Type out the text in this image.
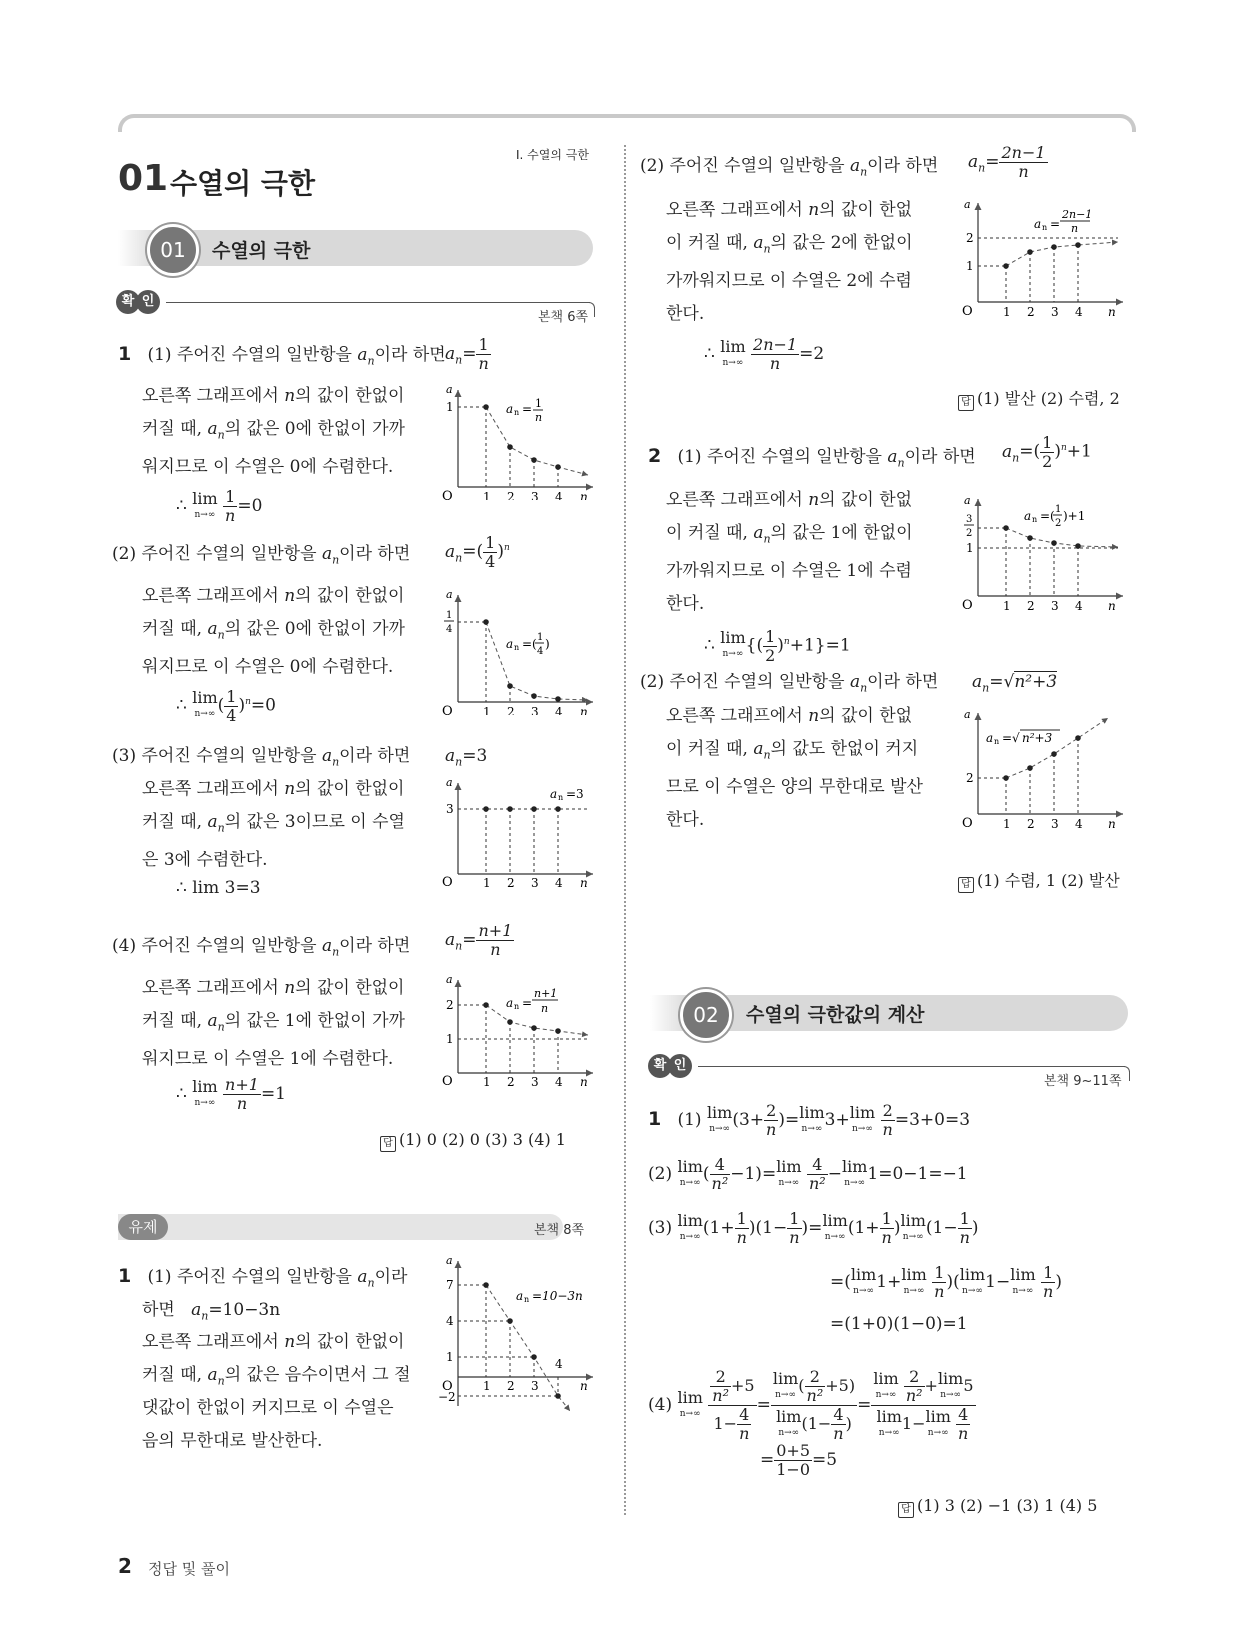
Ⅰ. 수열의 극한
01 수열의 극한
01	수열의 극한
확 인
본책 6쪽
1 (1) 주어진 수열의 일반항을 $a_n$이라 하면 $a_n= \frac{1}{n}$
오른쪽 그래프에서 n의 값이 한없이
커질 때, $a_n$의 값은 0에 한없이 가까
워지므로 이 수열은 0에 수렴한다.
∴ lim
n→∞
$\frac{1}{n} =0$
a
1
O	1 2 3 4 n
a n = 1
n
(2) 주어진 수열의 일반항을 $a_n$이라 하면 $a_n=( \frac{1}{4} )^n$
오른쪽 그래프에서 n의 값이 한없이
커질 때, $a_n$의 값은 0에 한없이 가까
워지므로 이 수열은 0에 수렴한다.
∴ lim
n→∞ ( $\frac{1}{4} )^n=0$
a
1
4
O	1 2 3 4 n
a n =( 1
4
)
(3) 주어진 수열의 일반항을 $a_n$이라 하면 $a_n=3$
오른쪽 그래프에서 n의 값이 한없이
커질 때, $a_n$의 값은 3이므로 이 수열
은 3에 수렴한다.
∴ lim 3=3
a
3
O	1 2 3 4 n
a n =3
(4) 주어진 수열의 일반항을 $a_n$이라 하면 $a_n= \frac{n+1}{n}$
오른쪽 그래프에서 n의 값이 한없이
커질 때, $a_n$의 값은 1에 한없이 가까
워지므로 이 수열은 1에 수렴한다.
∴ lim
n→∞
$\frac{n+1}{n} =1$
a
2
1
O	1 2 3 4 n
a n =
n+1
n
답 (1) 0 (2) 0 (3) 3 (4) 1
유제	본책 8쪽
1 (1) 주어진 수열의 일반항을 $a_n$이라
하면 $a_n=10-3n$
오른쪽 그래프에서 n의 값이 한없이
커질 때, $a_n$의 값은 음수이면서 그 절
댓값이 한없이 커지므로 이 수열은
음의 무한대로 발산한다.
a
7
4
1
−2
O	1 2 3
4
n
a n =10−3n
(2) 주어진 수열의 일반항을 $a_n$이라 하면 $a_n= \frac{2n-1}{n}$
오른쪽 그래프에서 n의 값이 한없
이 커질 때, $a_n$의 값은 2에 한없이
가까워지므로 이 수열은 2에 수렴
한다.
∴ lim
n→∞
$\frac{2n-1}{n} =2$
a
2
1
O	1 2 3 4 n
a n =
2n−1
n
답 (1) 발산 (2) 수렴, 2
2 (1) 주어진 수열의 일반항을 $a_n$이라 하면 $a_n=( \frac{1}{2} )^n+1$
오른쪽 그래프에서 n의 값이 한없
이 커질 때, $a_n$의 값은 1에 한없이
가까워지므로 이 수열은 1에 수렴
한다.
∴ lim
n→∞ {( $\frac{1}{2} )^n+1\}=1$
a
3
2
1
O	1 2 3 4 n
a n =( 1
2
)+1
(2) 주어진 수열의 일반항을 $a_n$이라 하면 $a_n=√n^2+3$
오른쪽 그래프에서 n의 값이 한없
이 커질 때, $a_n$의 값도 한없이 커지
므로 이 수열은 양의 무한대로 발산
한다.
a
2
O	1 2 3 4 n
a n =√ n²+3
답 (1) 수렴, 1 (2) 발산
02	수열의 극한값의 계산
확 인
본책 9~11쪽
1   (1) lim
n→∞ ($3+ \frac{2}{n}$ )= lim
n→∞ 3+ lim
n→∞
$\frac{2}{n} =3+0=3$
(2) lim
n→∞ ( $\frac{4}{\text{n²}} -1)= \lim$
n→∞
$\frac{4}{\text{n²}} - \lim$
n→∞ 1=0−1=−1
(3) lim
n→∞ $(1+ \frac{1}{n} )(1- \frac{1}{n}$ )= lim
n→∞ ($1+ \frac{1}{n}$ ) lim
n→∞ ($1- \frac{1}{n}$ )
=( lim
n→∞ 1+ lim
n→∞
$\frac{1}{n}$ )( lim
n→∞ 1− lim
n→∞
$\frac{1}{n}$ )
=(1+0)(1−0)=1
(4) lim
n→∞
$\frac{\frac{2}{\text{n²}} +5}{1- \frac{4}{n}} = \lim$
n→∞ ( $\frac{2}{\text{n²}} +5$)
lim
n→∞ ($1- \frac{4}{n}$ ) = lim
n→∞
$\frac{2}{\text{n²}} + \lim$
n→∞ 5
lim
n→∞ 1− lim
n→∞
$\frac{4}{n}$
= $\frac{0+5}{1-0} =5$
답 (1) 3 (2) −1 (3) 1 (4) 5
2 정답 및 풀이
